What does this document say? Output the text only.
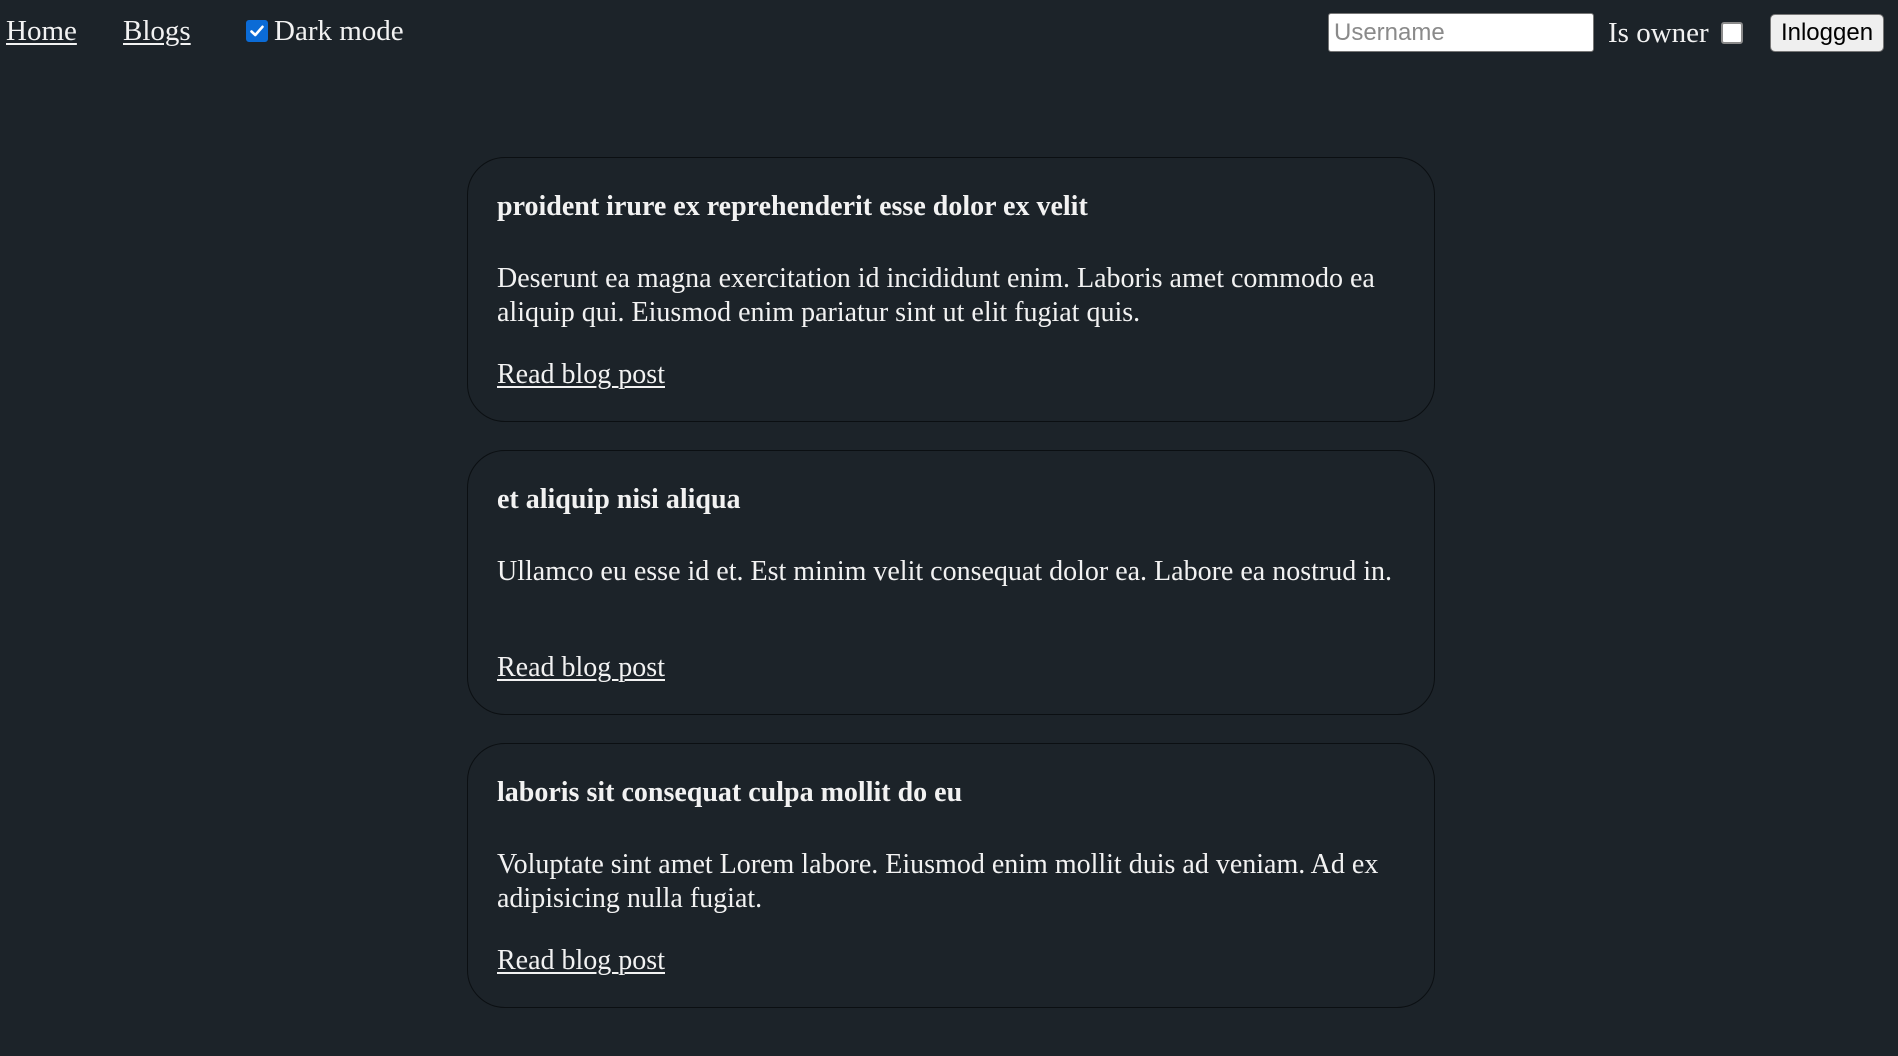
Home Blogs	Dark mode
Username	Is owner	Inloggen
proident irure ex reprehenderit esse dolor ex velit

Deserunt ea magna exercitation id incididunt enim. Laboris amet commodo ea aliquip qui. Eiusmod enim pariatur sint ut elit fugiat quis.

Read blog post
et aliquip nisi aliqua

Ullamco eu esse id et. Est minim velit consequat dolor ea. Labore ea nostrud in.

Read blog post
laboris sit consequat culpa mollit do eu

Voluptate sint amet Lorem labore. Eiusmod enim mollit duis ad veniam. Ad ex adipisicing nulla fugiat.

Read blog post
